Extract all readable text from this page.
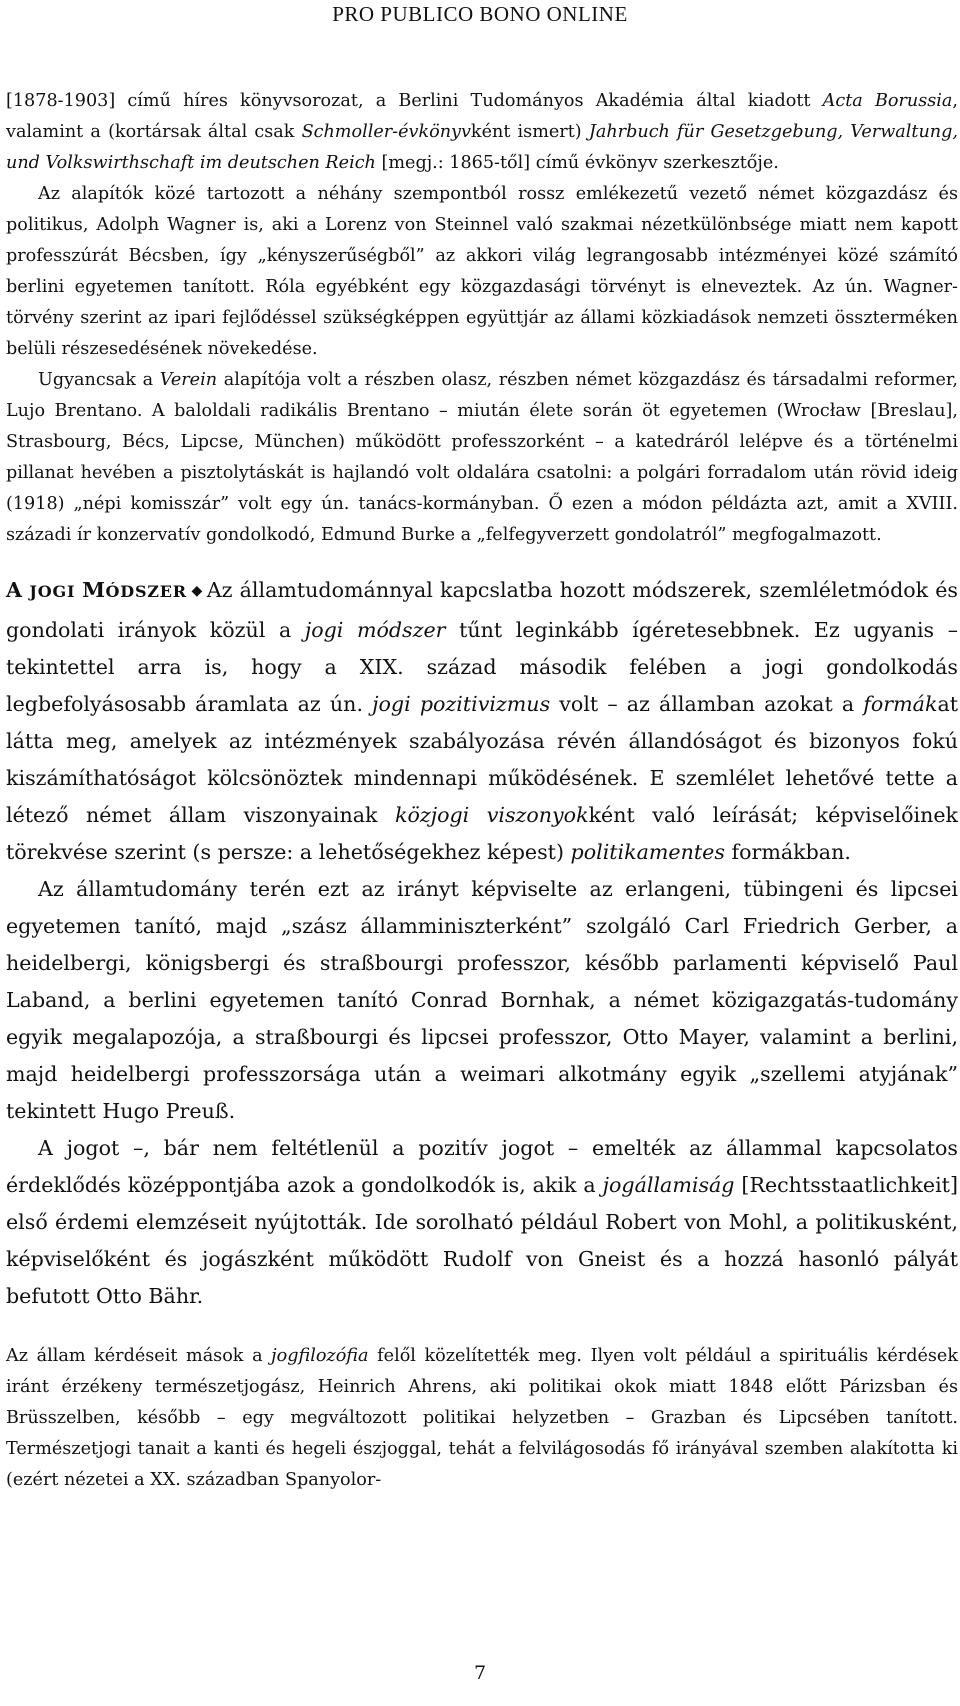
PRO PUBLICO BONO ONLINE

[1878-1903] című híres könyvsorozat, a Berlini Tudományos Akadémia által kiadott Acta Borussia, valamint a (kortársak által csak Schmoller-évkönyvként ismert) Jahrbuch für Gesetzgebung, Verwaltung, und Volkswirthschaft im deutschen Reich [megj.: 1865-től] című évkönyv szerkesztője.

Az alapítók közé tartozott a néhány szempontból rossz emlékezetű vezető német közgazdász és politikus, Adolph Wagner is, aki a Lorenz von Steinnel való szakmai nézetkülönbsége miatt nem kapott professzúrát Bécsben, így „kényszerűségből” az akkori világ legrangosabb intézményei közé számító berlini egyetemen tanított. Róla egyébként egy közgazdasági törvényt is elneveztek. Az ún. Wagner-törvény szerint az ipari fejlődéssel szükségképpen együttjár az állami közkiadások nemzeti összterméken belüli részesedésének növekedése.

Ugyancsak a Verein alapítója volt a részben olasz, részben német közgazdász és társadalmi reformer, Lujo Brentano. A baloldali radikális Brentano – miután élete során öt egyetemen (Wrocław [Breslau], Strasbourg, Bécs, Lipcse, München) működött professzorként – a katedráról lelépve és a történelmi pillanat hevében a pisztolytáskát is hajlandó volt oldalára csatolni: a polgári forradalom után rövid ideig (1918) „népi komisszár” volt egy ún. tanács-kormányban. Ő ezen a módon példázta azt, amit a XVIII. századi ír konzervatív gondolkodó, Edmund Burke a „felfegyverzett gondolatról” megfogalmazott.

A JOGI MÓDSZER ◆ Az államtudománnyal kapcslatba hozott módszerek, szemléletmódok és gondolati irányok közül a jogi módszer tűnt leginkább ígéretesebbnek. Ez ugyanis – tekintettel arra is, hogy a XIX. század második felében a jogi gondolkodás legbefolyásosabb áramlata az ún. jogi pozitivizmus volt – az államban azokat a formákat látta meg, amelyek az intézmények szabályozása révén állandóságot és bizonyos fokú kiszámíthatóságot kölcsönöztek mindennapi működésének. E szemlélet lehetővé tette a létező német állam viszonyainak közjogi viszonyokként való leírását; képviselőinek törekvése szerint (s persze: a lehetőségekhez képest) politikamentes formákban.

Az államtudomány terén ezt az irányt képviselte az erlangeni, tübingeni és lipcsei egyetemen tanító, majd „szász államminiszterként” szolgáló Carl Friedrich Gerber, a heidelbergi, königsbergi és straßbourgi professzor, később parlamenti képviselő Paul Laband, a berlini egyetemen tanító Conrad Bornhak, a német közigazgatás-tudomány egyik megalapozója, a straßbourgi és lipcsei professzor, Otto Mayer, valamint a berlini, majd heidelbergi professzorsága után a weimari alkotmány egyik „szellemi atyjának” tekintett Hugo Preuß.

A jogot –, bár nem feltétlenül a pozitív jogot – emelték az állammal kapcsolatos érdeklődés középpontjába azok a gondolkodók is, akik a jogállamiság [Rechtsstaatlichkeit] első érdemi elemzéseit nyújtották. Ide sorolható például Robert von Mohl, a politikusként, képviselőként és jogászként működött Rudolf von Gneist és a hozzá hasonló pályát befutott Otto Bähr.

Az állam kérdéseit mások a jogfilozófia felől közelítették meg. Ilyen volt például a spirituális kérdések iránt érzékeny természetjogász, Heinrich Ahrens, aki politikai okok miatt 1848 előtt Párizsban és Brüsszelben, később – egy megváltozott politikai helyzetben – Grazban és Lipcsében tanított. Természetjogi tanait a kanti és hegeli észjoggal, tehát a felvilágosodás fő irányával szemben alakította ki (ezért nézetei a XX. században Spanyolor-

7
